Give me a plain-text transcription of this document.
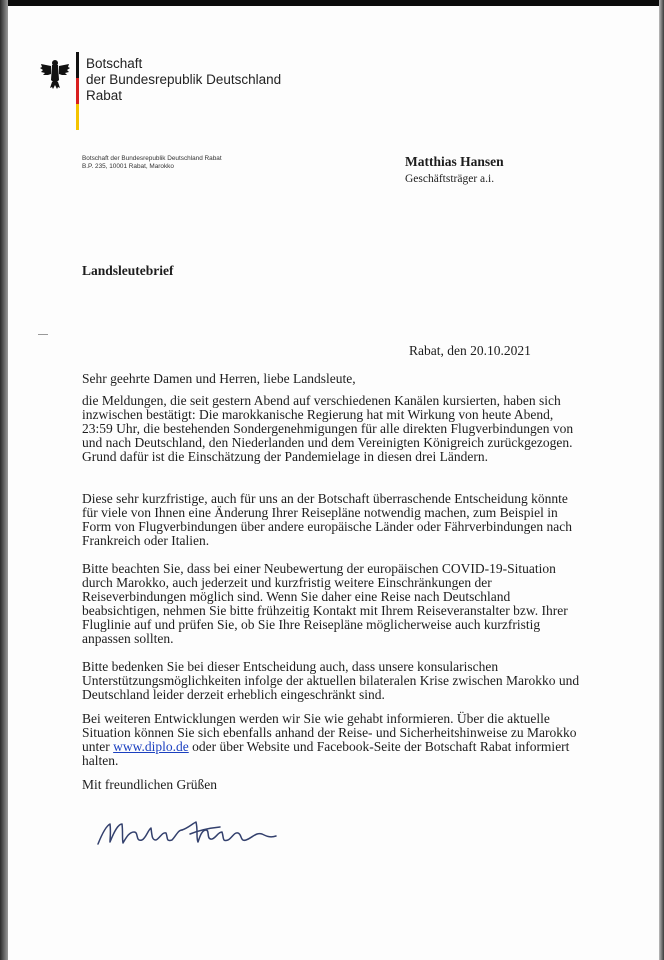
Botschaft
der Bundesrepublik Deutschland
Rabat
Botschaft der Bundesrepublik Deutschland Rabat
B.P. 235, 10001 Rabat, Marokko	Matthias Hansen
Geschäftsträger a.i.
Landsleutebrief
Rabat, den 20.10.2021
Sehr geehrte Damen und Herren, liebe Landsleute,
die Meldungen, die seit gestern Abend auf verschiedenen Kanälen kursierten, haben sich inzwischen bestätigt: Die marokkanische Regierung hat mit Wirkung von heute Abend, 23:59 Uhr, die bestehenden Sondergenehmigungen für alle direkten Flugverbindungen von und nach Deutschland, den Niederlanden und dem Vereinigten Königreich zurückgezogen. Grund dafür ist die Einschätzung der Pandemielage in diesen drei Ländern.
Diese sehr kurzfristige, auch für uns an der Botschaft überraschende Entscheidung könnte für viele von Ihnen eine Änderung Ihrer Reisepläne notwendig machen, zum Beispiel in Form von Flugverbindungen über andere europäische Länder oder Fährverbindungen nach Frankreich oder Italien.
Bitte beachten Sie, dass bei einer Neubewertung der europäischen COVID-19-Situation durch Marokko, auch jederzeit und kurzfristig weitere Einschränkungen der Reiseverbindungen möglich sind. Wenn Sie daher eine Reise nach Deutschland beabsichtigen, nehmen Sie bitte frühzeitig Kontakt mit Ihrem Reiseveranstalter bzw. Ihrer Fluglinie auf und prüfen Sie, ob Sie Ihre Reisepläne möglicherweise auch kurzfristig anpassen sollten.
Bitte bedenken Sie bei dieser Entscheidung auch, dass unsere konsularischen Unterstützungsmöglichkeiten infolge der aktuellen bilateralen Krise zwischen Marokko und Deutschland leider derzeit erheblich eingeschränkt sind.
Bei weiteren Entwicklungen werden wir Sie wie gehabt informieren. Über die aktuelle Situation können Sie sich ebenfalls anhand der Reise- und Sicherheitshinweise zu Marokko unter www.diplo.de oder über Website und Facebook-Seite der Botschaft Rabat informiert halten.
Mit freundlichen Grüßen
